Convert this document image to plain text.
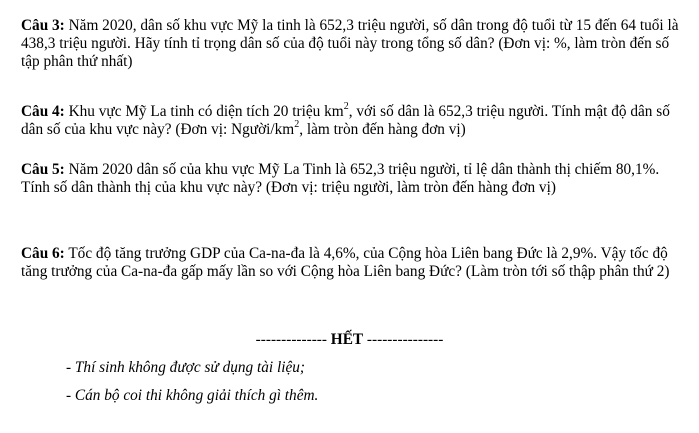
Câu 3: Năm 2020, dân số khu vực Mỹ la tinh là 652,3 triệu người, số dân trong độ tuổi từ 15 đến 64 tuổi là 438,3 triệu người. Hãy tính tỉ trọng dân số của độ tuổi này trong tổng số dân? (Đơn vị: %, làm tròn đến số tập phân thứ nhất)

Câu 4: Khu vực Mỹ La tinh có diện tích 20 triệu $km^2$, với số dân là 652,3 triệu người. Tính mật độ dân số dân số của khu vực này? (Đơn vị: Người/$km^2$, làm tròn đến hàng đơn vị)

Câu 5: Năm 2020 dân số của khu vực Mỹ La Tinh là 652,3 triệu người, tỉ lệ dân thành thị chiếm 80,1%. Tính số dân thành thị của khu vực này? (Đơn vị: triệu người, làm tròn đến hàng đơn vị)

Câu 6: Tốc độ tăng trưởng GDP của Ca-na-đa là 4,6%, của Cộng hòa Liên bang Đức là 2,9%. Vậy tốc độ tăng trưởng của Ca-na-đa gấp mấy lần so với Cộng hòa Liên bang Đức? (Làm tròn tới số thập phân thứ 2)

-------------- HẾT ---------------

- Thí sinh không được sử dụng tài liệu;

- Cán bộ coi thi không giải thích gì thêm.
